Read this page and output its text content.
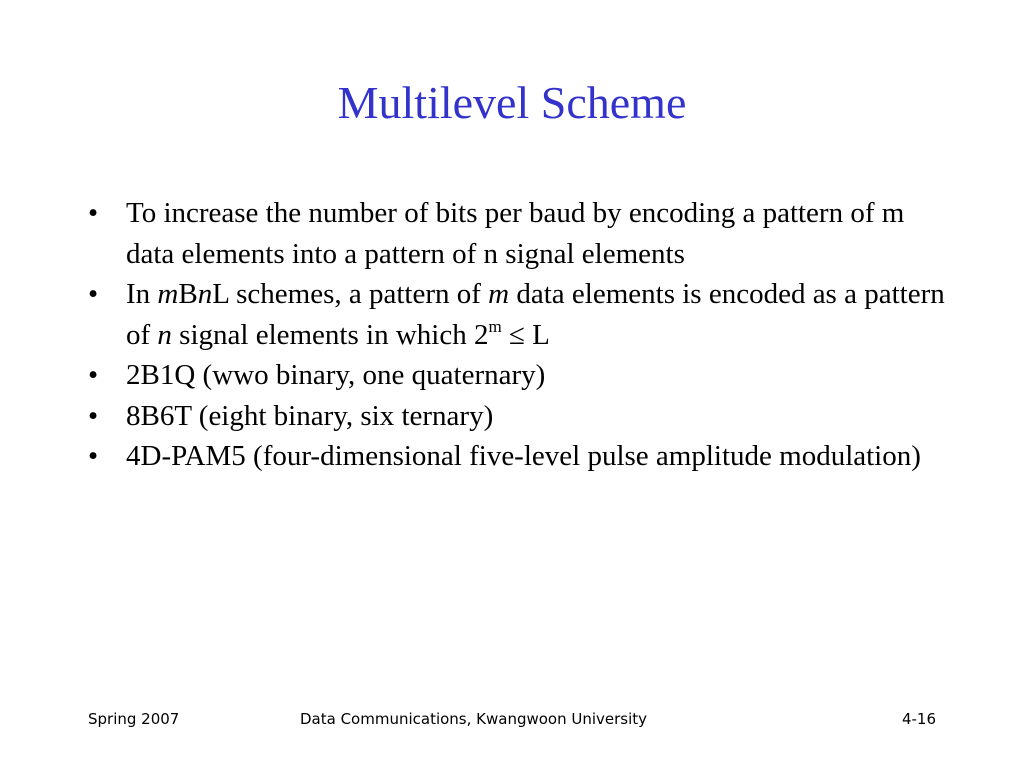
Multilevel Scheme
• To increase the number of bits per baud by encoding a pattern of m data elements into a pattern of n signal elements
• In mBnL schemes, a pattern of m data elements is encoded as a pattern of n signal elements in which $2^m \le L$
• 2B1Q (wwo binary, one quaternary)
• 8B6T (eight binary, six ternary)
• 4D-PAM5 (four-dimensional five-level pulse amplitude modulation)
Spring 2007	Data Communications, Kwangwoon University	4-16
